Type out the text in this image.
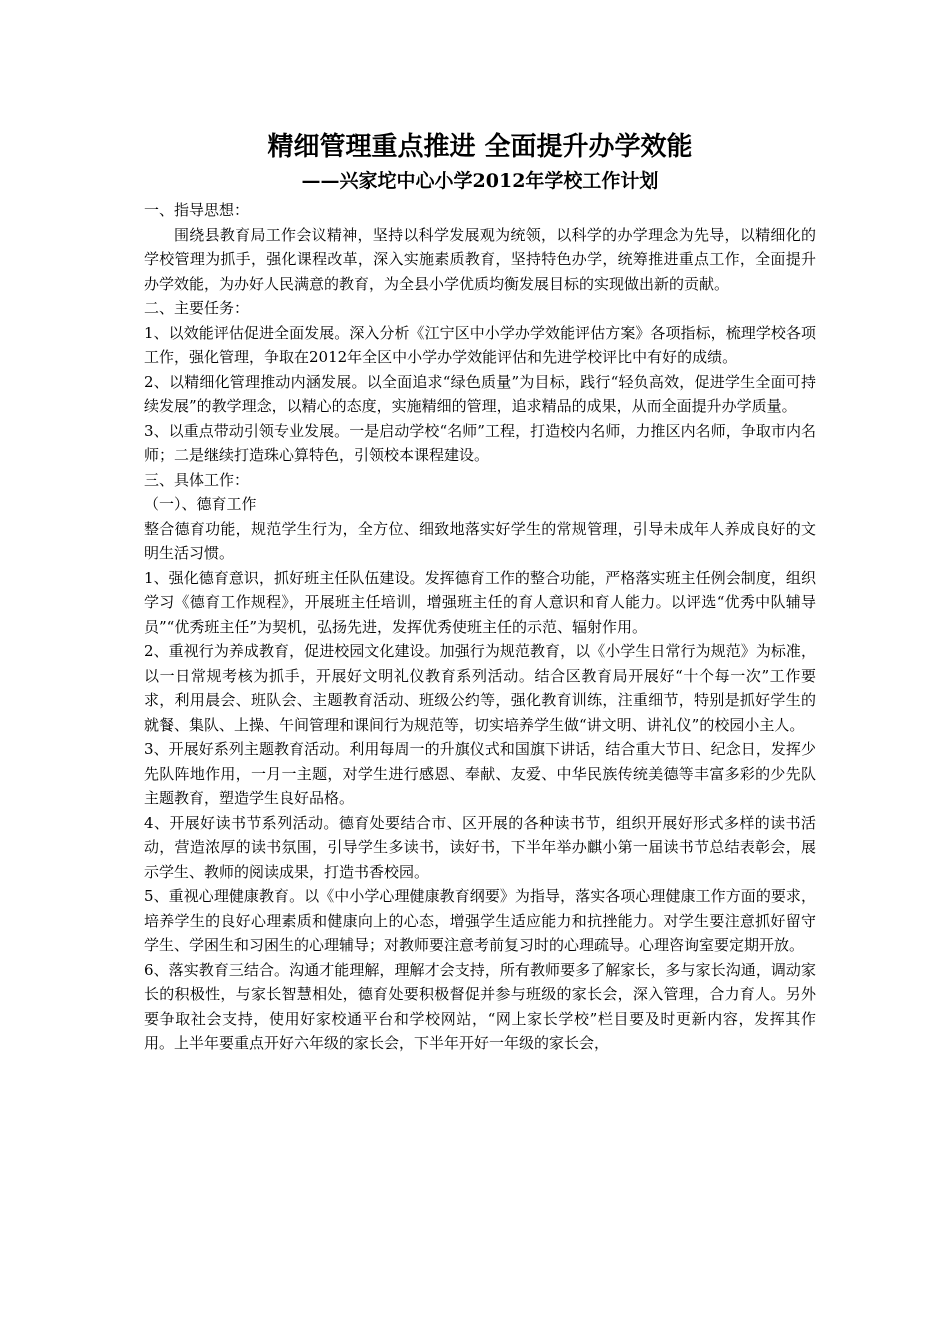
精细管理重点推进 全面提升办学效能
——兴家坨中心小学2012年学校工作计划

一、指导思想：

围绕县教育局工作会议精神，坚持以科学发展观为统领，以科学的办学理念为先导，以精细化的学校管理为抓手，强化课程改革，深入实施素质教育，坚持特色办学，统筹推进重点工作，全面提升办学效能，为办好人民满意的教育，为全县小学优质均衡发展目标的实现做出新的贡献。

二、主要任务：

1、以效能评估促进全面发展。深入分析《江宁区中小学办学效能评估方案》各项指标，梳理学校各项工作，强化管理，争取在2012年全区中小学办学效能评估和先进学校评比中有好的成绩。

2、以精细化管理推动内涵发展。以全面追求“绿色质量”为目标，践行“轻负高效，促进学生全面可持续发展”的教学理念，以精心的态度，实施精细的管理，追求精品的成果，从而全面提升办学质量。

3、以重点带动引领专业发展。一是启动学校“名师”工程，打造校内名师，力推区内名师，争取市内名师；二是继续打造珠心算特色，引领校本课程建设。

三、具体工作：

（一）、德育工作

整合德育功能，规范学生行为，全方位、细致地落实好学生的常规管理，引导未成年人养成良好的文明生活习惯。

1、强化德育意识，抓好班主任队伍建设。发挥德育工作的整合功能，严格落实班主任例会制度，组织学习《德育工作规程》，开展班主任培训，增强班主任的育人意识和育人能力。以评选“优秀中队辅导员”“优秀班主任”为契机，弘扬先进，发挥优秀使班主任的示范、辐射作用。

2、重视行为养成教育，促进校园文化建设。加强行为规范教育，以《小学生日常行为规范》为标准，以一日常规考核为抓手，开展好文明礼仪教育系列活动。结合区教育局开展好“十个每一次”工作要求，利用晨会、班队会、主题教育活动、班级公约等，强化教育训练，注重细节，特别是抓好学生的就餐、集队、上操、午间管理和课间行为规范等，切实培养学生做“讲文明、讲礼仪”的校园小主人。

3、开展好系列主题教育活动。利用每周一的升旗仪式和国旗下讲话，结合重大节日、纪念日，发挥少先队阵地作用，一月一主题，对学生进行感恩、奉献、友爱、中华民族传统美德等丰富多彩的少先队主题教育，塑造学生良好品格。

4、开展好读书节系列活动。德育处要结合市、区开展的各种读书节，组织开展好形式多样的读书活动，营造浓厚的读书氛围，引导学生多读书，读好书，下半年举办麒小第一届读书节总结表彰会，展示学生、教师的阅读成果，打造书香校园。

5、重视心理健康教育。以《中小学心理健康教育纲要》为指导，落实各项心理健康工作方面的要求，培养学生的良好心理素质和健康向上的心态，增强学生适应能力和抗挫能力。对学生要注意抓好留守学生、学困生和习困生的心理辅导；对教师要注意考前复习时的心理疏导。心理咨询室要定期开放。

6、落实教育三结合。沟通才能理解，理解才会支持，所有教师要多了解家长，多与家长沟通，调动家长的积极性，与家长智慧相处，德育处要积极督促并参与班级的家长会，深入管理，合力育人。另外要争取社会支持，使用好家校通平台和学校网站，“网上家长学校”栏目要及时更新内容，发挥其作用。上半年要重点开好六年级的家长会，下半年开好一年级的家长会，
